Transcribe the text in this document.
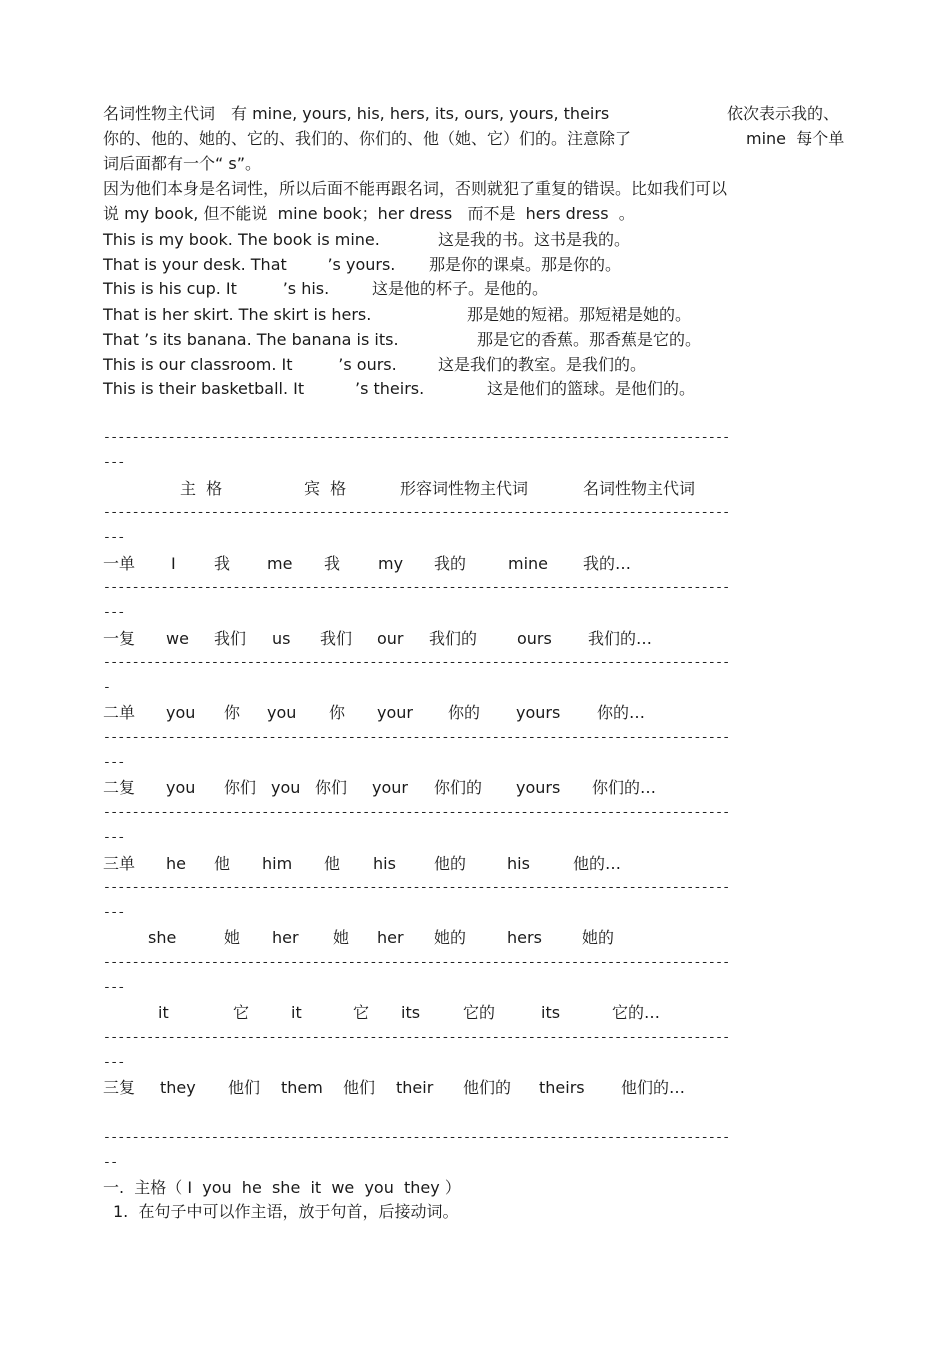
名词性物主代词　有 mine, yours, his, hers, its, ours, yours, theirs	依次表示我的、
你的、他的、她的、它的、我们的、你们的、他（她、它）们的。注意除了	mine  每个单
词后面都有一个“ s”。
因为他们本身是名词性，所以后面不能再跟名词，否则就犯了重复的错误。比如我们可以
说 my book, 但不能说  mine book；her dress   而不是  hers dress  。
This is my book. The book is mine.	这是我的书。这书是我的。
That is your desk. That        ’s yours. 那是你的课桌。那是你的。
This is his cup. It         ’s his.	这是他的杯子。是他的。
That is her skirt. The skirt is hers.	那是她的短裙。那短裙是她的。
That ’s its banana. The banana is its.	那是它的香蕉。那香蕉是它的。
This is our classroom. It         ’s ours.	这是我们的教室。是我们的。
This is their basketball. It          ’s theirs.	这是他们的篮球。是他们的。
---------------------------------------------------------------------------------------
---
---------------------------------------------------------------------------------------
---
---------------------------------------------------------------------------------------
---
---------------------------------------------------------------------------------------
-
---------------------------------------------------------------------------------------
---
---------------------------------------------------------------------------------------
---
---------------------------------------------------------------------------------------
---
---------------------------------------------------------------------------------------
---
---------------------------------------------------------------------------------------
---
---------------------------------------------------------------------------------------
--
主  格	宾  格	形容词性物主代词	名词性物主代词
一单 I 我 me 我 my 我的	mine 我的…
一复 we 我们 us 我们 our 我们的 ours 我们的…
二单 you 你 you 你 your 你的 yours 你的…
二复 you 你们 you 你们 your 你们的 yours 你们的…
三单 he 他 him 他 his 他的	his	他的…
she	她 her 她 her 她的	hers	她的
it	它	it	它 its	它的	its	它的…
三复 they 他们 them 他们 their 他们的 theirs 他们的…
一.  主格（ I  you  he  she  it  we  you  they ）
1.  在句子中可以作主语，放于句首，后接动词。
